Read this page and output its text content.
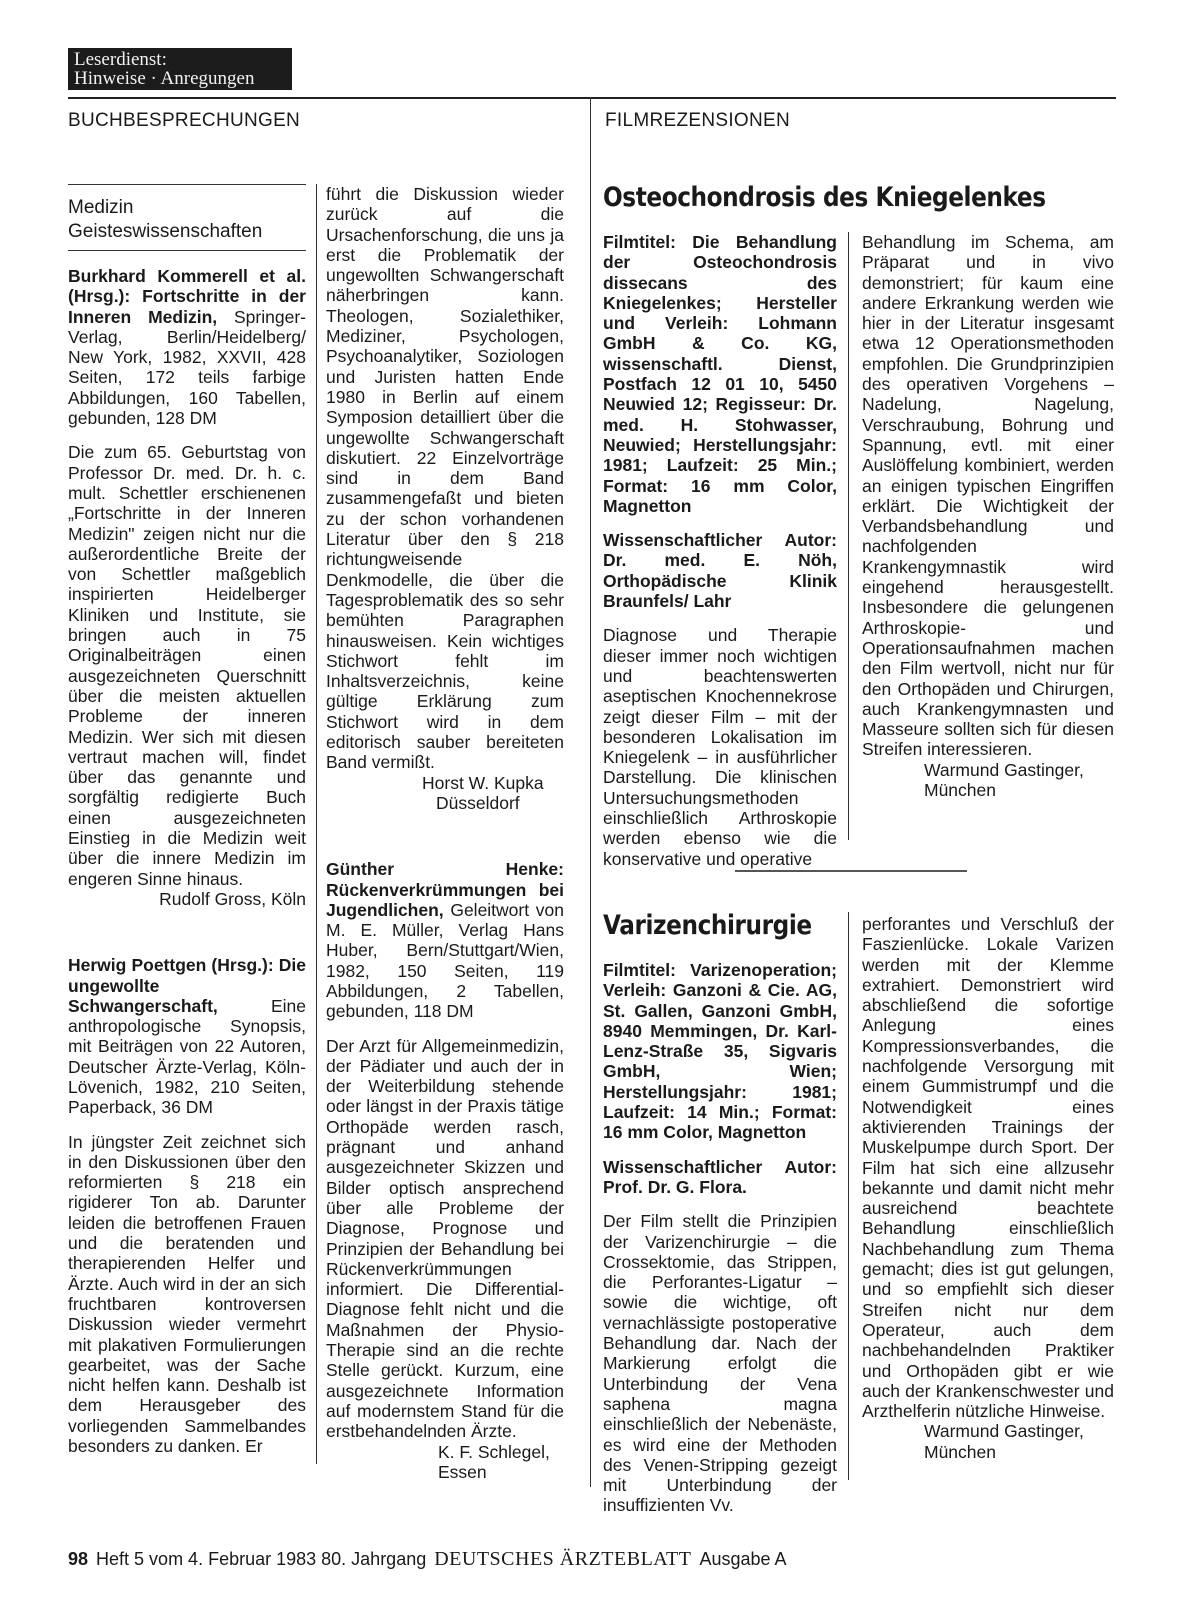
Leserdienst:
Hinweise · Anregungen
BUCHBESPRECHUNGEN	FILMREZENSIONEN
Medizin
Geisteswissenschaften

Burkhard Kommerell et al. (Hrsg.): Fortschritte in der Inneren Medizin, Springer-Verlag, Berlin/Heidelberg/ New York, 1982, XXVII, 428 Seiten, 172 teils farbige Abbildungen, 160 Tabellen, gebunden, 128 DM

Die zum 65. Geburtstag von Professor Dr. med. Dr. h. c. mult. Schettler erschienenen „Fortschritte in der Inneren Medizin" zeigen nicht nur die außerordentliche Breite der von Schettler maßgeblich inspirierten Heidelberger Kliniken und Institute, sie bringen auch in 75 Originalbeiträgen einen ausgezeichneten Querschnitt über die meisten aktuellen Probleme der inneren Medizin. Wer sich mit diesen vertraut machen will, findet über das genannte und sorgfältig redigierte Buch einen ausgezeichneten Einstieg in die Medizin weit über die innere Medizin im engeren Sinne hinaus.

Rudolf Gross, Köln

Herwig Poettgen (Hrsg.): Die ungewollte Schwangerschaft, Eine anthropologische Synopsis, mit Beiträgen von 22 Autoren, Deutscher Ärzte-Verlag, Köln-Lövenich, 1982, 210 Seiten, Paperback, 36 DM

In jüngster Zeit zeichnet sich in den Diskussionen über den reformierten § 218 ein rigiderer Ton ab. Darunter leiden die betroffenen Frauen und die beratenden und therapierenden Helfer und Ärzte. Auch wird in der an sich fruchtbaren kontroversen Diskussion wieder vermehrt mit plakativen Formulierungen gearbeitet, was der Sache nicht helfen kann. Deshalb ist dem Herausgeber des vorliegenden Sammelbandes besonders zu danken. Er

führt die Diskussion wieder zurück auf die Ursachenforschung, die uns ja erst die Problematik der ungewollten Schwangerschaft näherbringen kann. Theologen, Sozialethiker, Mediziner, Psychologen, Psychoanalytiker, Soziologen und Juristen hatten Ende 1980 in Berlin auf einem Symposion detailliert über die ungewollte Schwangerschaft diskutiert. 22 Einzelvorträge sind in dem Band zusammengefaßt und bieten zu der schon vorhandenen Literatur über den § 218 richtungweisende Denkmodelle, die über die Tagesproblematik des so sehr bemühten Paragraphen hinausweisen. Kein wichtiges Stichwort fehlt im Inhaltsverzeichnis, keine gültige Erklärung zum Stichwort wird in dem editorisch sauber bereiteten Band vermißt.

Horst W. Kupka
Düsseldorf

Günther Henke: Rückenverkrümmungen bei Jugendlichen, Geleitwort von M. E. Müller, Verlag Hans Huber, Bern/Stuttgart/Wien, 1982, 150 Seiten, 119 Abbildungen, 2 Tabellen, gebunden, 118 DM

Der Arzt für Allgemeinmedizin, der Pädiater und auch der in der Weiterbildung stehende oder längst in der Praxis tätige Orthopäde werden rasch, prägnant und anhand ausgezeichneter Skizzen und Bilder optisch ansprechend über alle Probleme der Diagnose, Prognose und Prinzipien der Behandlung bei Rückenverkrümmungen informiert. Die Differential-Diagnose fehlt nicht und die Maßnahmen der Physio-Therapie sind an die rechte Stelle gerückt. Kurzum, eine ausgezeichnete Information auf modernstem Stand für die erstbehandelnden Ärzte.

K. F. Schlegel,
Essen
Osteochondrosis des Kniegelenkes

Filmtitel: Die Behandlung der Osteochondrosis dissecans des Kniegelenkes; Hersteller und Verleih: Lohmann GmbH & Co. KG, wissenschaftl. Dienst, Postfach 12 01 10, 5450 Neuwied 12; Regisseur: Dr. med. H. Stohwasser, Neuwied; Herstellungsjahr: 1981; Laufzeit: 25 Min.; Format: 16 mm Color, Magnetton

Wissenschaftlicher Autor: Dr. med. E. Nöh, Orthopädische Klinik Braunfels/ Lahr

Diagnose und Therapie dieser immer noch wichtigen und beachtenswerten aseptischen Knochennekrose zeigt dieser Film – mit der besonderen Lokalisation im Kniegelenk – in ausführlicher Darstellung. Die klinischen Untersuchungsmethoden einschließlich Arthroskopie werden ebenso wie die konservative und operative

Behandlung im Schema, am Präparat und in vivo demonstriert; für kaum eine andere Erkrankung werden wie hier in der Literatur insgesamt etwa 12 Operationsmethoden empfohlen. Die Grundprinzipien des operativen Vorgehens – Nadelung, Nagelung, Verschraubung, Bohrung und Spannung, evtl. mit einer Auslöffelung kombiniert, werden an einigen typischen Eingriffen erklärt. Die Wichtigkeit der Verbandsbehandlung und nachfolgenden Krankengymnastik wird eingehend herausgestellt. Insbesondere die gelungenen Arthroskopie- und Operationsaufnahmen machen den Film wertvoll, nicht nur für den Orthopäden und Chirurgen, auch Krankengymnasten und Masseure sollten sich für diesen Streifen interessieren.

Warmund Gastinger,
München
Varizenchirurgie

Filmtitel: Varizenoperation; Verleih: Ganzoni & Cie. AG, St. Gallen, Ganzoni GmbH, 8940 Memmingen, Dr. Karl-Lenz-Straße 35, Sigvaris GmbH, Wien; Herstellungsjahr: 1981; Laufzeit: 14 Min.; Format: 16 mm Color, Magnetton

Wissenschaftlicher Autor: Prof. Dr. G. Flora.

Der Film stellt die Prinzipien der Varizenchirurgie – die Crossektomie, das Strippen, die Perforantes-Ligatur – sowie die wichtige, oft vernachlässigte postoperative Behandlung dar. Nach der Markierung erfolgt die Unterbindung der Vena saphena magna einschließlich der Nebenäste, es wird eine der Methoden des Venen-Stripping gezeigt mit Unterbindung der insuffizienten Vv.

perforantes und Verschluß der Faszienlücke. Lokale Varizen werden mit der Klemme extrahiert. Demonstriert wird abschließend die sofortige Anlegung eines Kompressionsverbandes, die nachfolgende Versorgung mit einem Gummistrumpf und die Notwendigkeit eines aktivierenden Trainings der Muskelpumpe durch Sport. Der Film hat sich eine allzusehr bekannte und damit nicht mehr ausreichend beachtete Behandlung einschließlich Nachbehandlung zum Thema gemacht; dies ist gut gelungen, und so empfiehlt sich dieser Streifen nicht nur dem Operateur, auch dem nachbehandelnden Praktiker und Orthopäden gibt er wie auch der Krankenschwester und Arzthelferin nützliche Hinweise.

Warmund Gastinger,
München
98 Heft 5 vom 4. Februar 1983 80. Jahrgang DEUTSCHES ÄRZTEBLATT Ausgabe A
